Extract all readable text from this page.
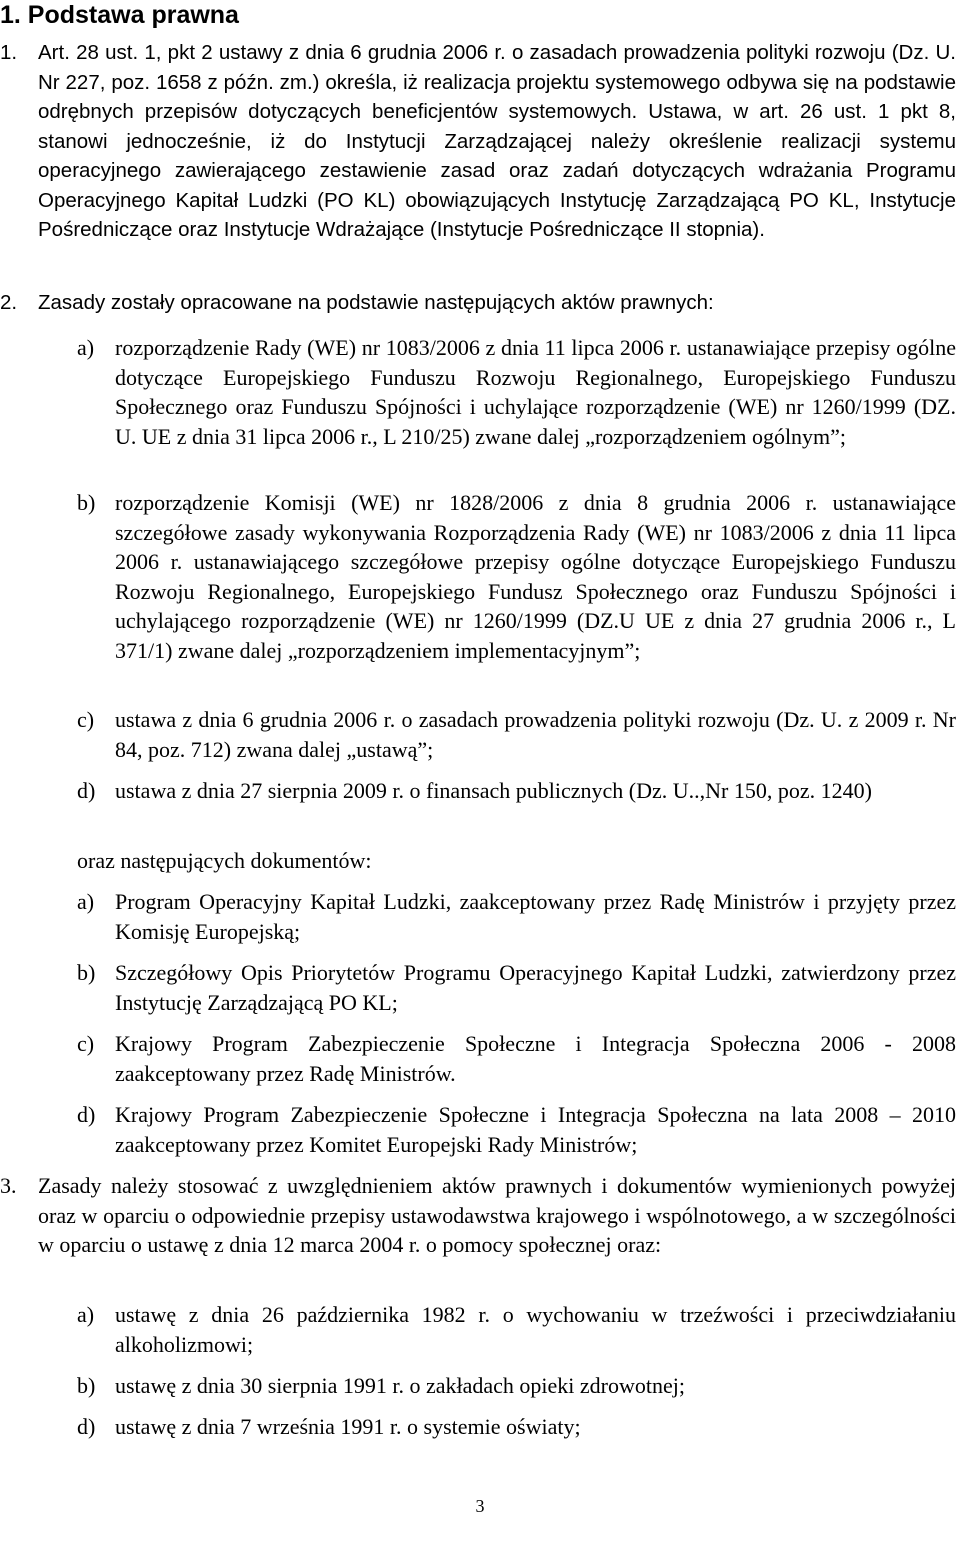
1. Podstawa prawna
1.	Art. 28 ust. 1, pkt 2 ustawy z dnia 6 grudnia 2006 r. o zasadach prowadzenia polityki rozwoju (Dz. U. Nr 227, poz. 1658 z późn. zm.) określa, iż realizacja projektu systemowego odbywa się na podstawie odrębnych przepisów dotyczących beneficjentów systemowych. Ustawa, w art. 26 ust. 1 pkt 8, stanowi jednocześnie, iż do Instytucji Zarządzającej należy określenie realizacji systemu operacyjnego zawierającego zestawienie zasad oraz zadań dotyczących wdrażania Programu Operacyjnego Kapitał Ludzki (PO KL) obowiązujących Instytucję Zarządzającą PO KL, Instytucje Pośredniczące oraz Instytucje Wdrażające (Instytucje Pośredniczące II stopnia).
2.	Zasady zostały opracowane na podstawie następujących aktów prawnych:
a) rozporządzenie Rady (WE) nr 1083/2006 z dnia 11 lipca 2006 r. ustanawiające przepisy ogólne dotyczące Europejskiego Funduszu Rozwoju Regionalnego, Europejskiego Funduszu Społecznego oraz Funduszu Spójności i uchylające rozporządzenie (WE) nr 1260/1999 (DZ. U. UE z dnia 31 lipca 2006 r., L 210/25) zwane dalej „rozporządzeniem ogólnym”;
b) rozporządzenie Komisji (WE) nr 1828/2006 z dnia 8 grudnia 2006 r. ustanawiające szczegółowe zasady wykonywania Rozporządzenia Rady (WE) nr 1083/2006 z dnia 11 lipca 2006 r. ustanawiającego szczegółowe przepisy ogólne dotyczące Europejskiego Funduszu Rozwoju Regionalnego, Europejskiego Fundusz Społecznego oraz Funduszu Spójności i uchylającego rozporządzenie (WE) nr 1260/1999 (DZ.U UE z dnia 27 grudnia 2006 r., L 371/1) zwane dalej „rozporządzeniem implementacyjnym”;
c) ustawa z dnia 6 grudnia 2006 r. o zasadach prowadzenia polityki rozwoju (Dz. U. z 2009 r. Nr 84, poz. 712) zwana dalej „ustawą”;
d) ustawa z dnia 27 sierpnia 2009 r. o finansach publicznych (Dz. U..,Nr 150, poz. 1240)
oraz następujących dokumentów:
a) Program Operacyjny Kapitał Ludzki, zaakceptowany przez Radę Ministrów i przyjęty przez Komisję Europejską;
b) Szczegółowy Opis Priorytetów Programu Operacyjnego Kapitał Ludzki, zatwierdzony przez Instytucję Zarządzającą PO KL;
c) Krajowy Program Zabezpieczenie Społeczne i Integracja Społeczna 2006 - 2008 zaakceptowany przez Radę Ministrów.
d) Krajowy Program Zabezpieczenie Społeczne i Integracja Społeczna na lata 2008 – 2010 zaakceptowany przez Komitet Europejski Rady Ministrów;
3. Zasady należy stosować z uwzględnieniem aktów prawnych i dokumentów wymienionych powyżej oraz w oparciu o odpowiednie przepisy ustawodawstwa krajowego i wspólnotowego, a w szczególności w oparciu o ustawę z dnia 12 marca 2004 r. o pomocy społecznej oraz:
a) ustawę z dnia 26 października 1982 r. o wychowaniu w trzeźwości i przeciwdziałaniu alkoholizmowi;
b) ustawę z dnia 30 sierpnia 1991 r. o zakładach opieki zdrowotnej;
d) ustawę z dnia 7 września 1991 r. o systemie oświaty;
3
